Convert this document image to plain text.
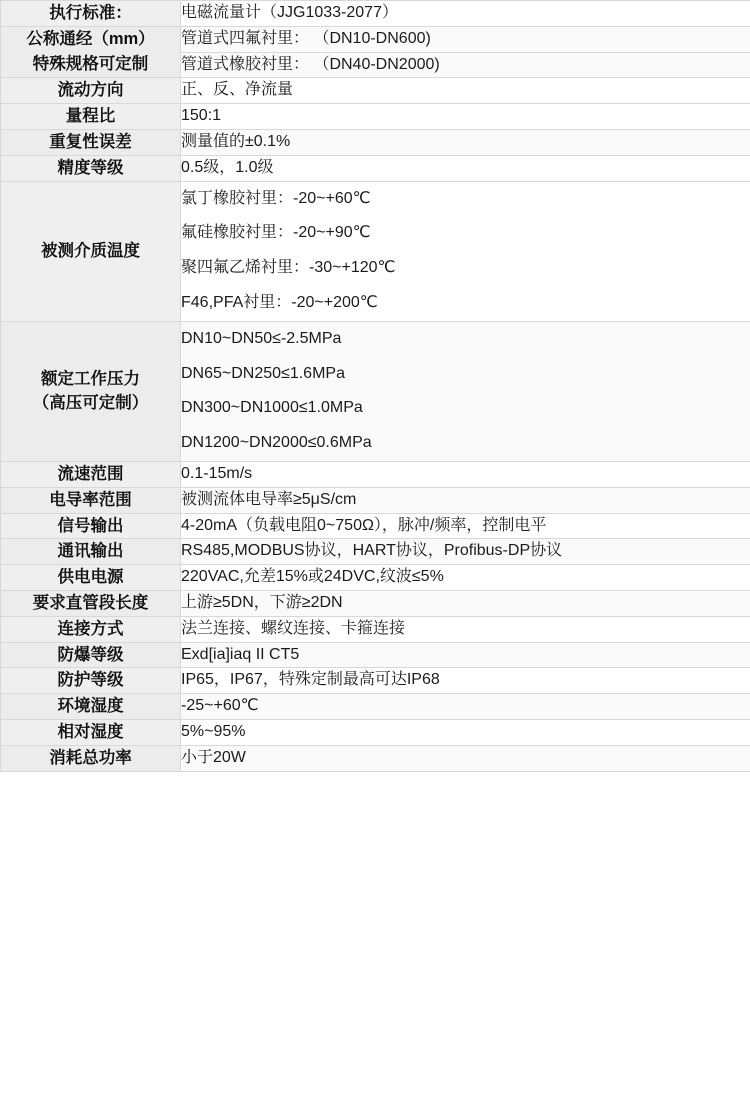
执行标准：	电磁流量计（JJG1033-2077）

公称通经（mm）
特殊规格可定制	管道式四氟衬里： （DN10-DN600)
	管道式橡胶衬里： （DN40-DN2000)
流动方向	正、反、净流量
量程比	150:1
重复性误差	测量值的±0.1%
精度等级	0.5级，1.0级
被测介质温度	氯丁橡胶衬里：-20~+60℃
氟硅橡胶衬里：-20~+90℃
聚四氟乙烯衬里：-30~+120℃
F46,PFA衬里：-20~+200℃

额定工作压力
（高压可定制）	DN10~DN50≤-2.5MPa
DN65~DN250≤1.6MPa
DN300~DN1000≤1.0MPa
DN1200~DN2000≤0.6MPa

流速范围	0.1-15m/s
电导率范围	被测流体电导率≥5μS/cm
信号输出	4-20mA（负载电阻0~750Ω），脉冲/频率，控制电平
通讯输出	RS485,MODBUS协议，HART协议，Profibus-DP协议
供电电源	220VAC,允差15%或24DVC,纹波≤5%
要求直管段长度	上游≥5DN，下游≥2DN
连接方式	法兰连接、螺纹连接、卡箍连接
防爆等级	Exd[ia]iaq II CT5
防护等级	IP65，IP67，特殊定制最高可达IP68
环境湿度	-25~+60℃
相对湿度	5%~95%
消耗总功率	小于20W
